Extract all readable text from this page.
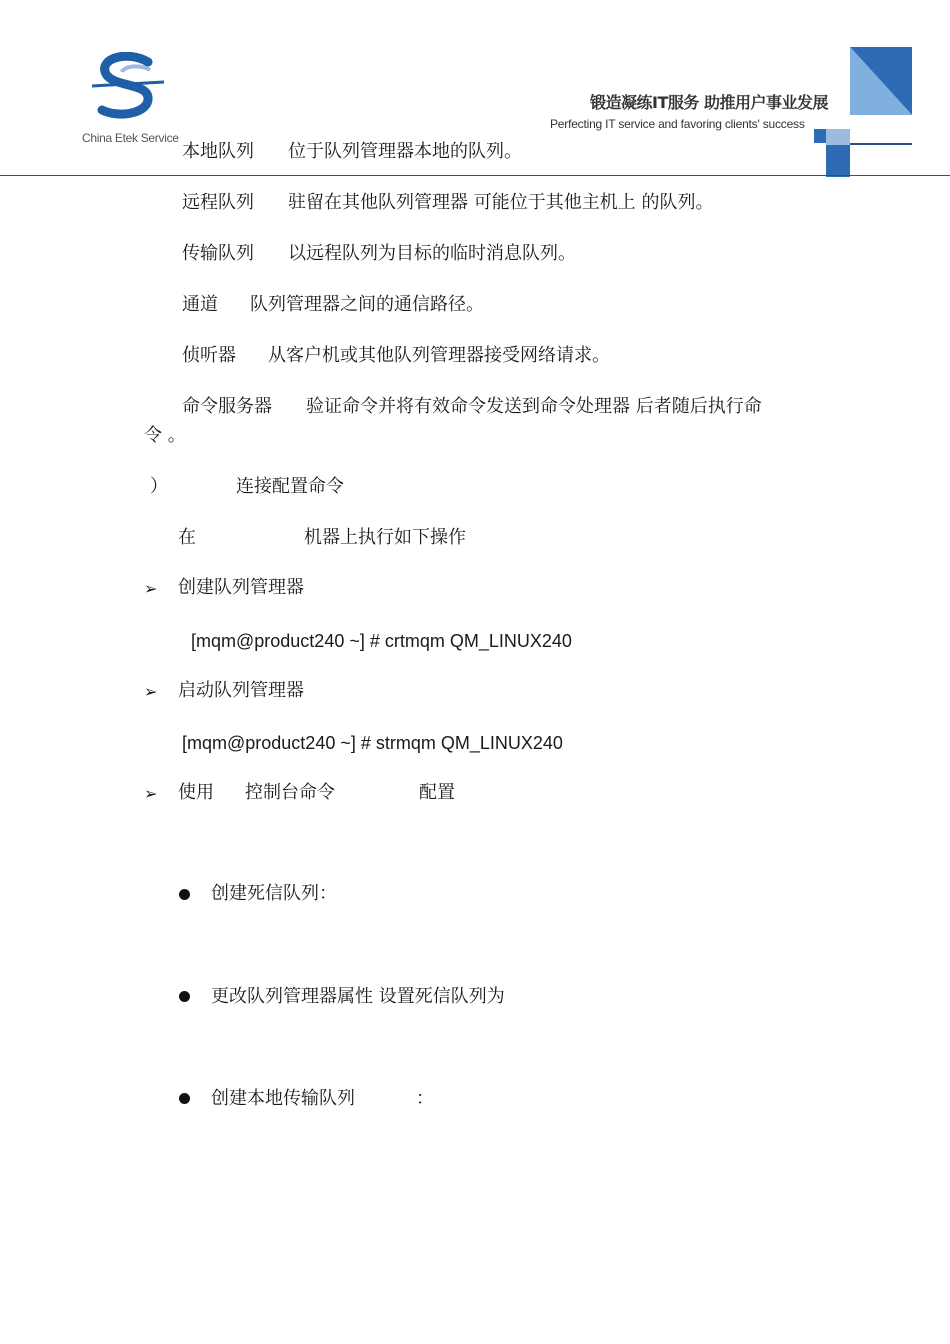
China Etek Service
锻造凝练IT服务 助推用户事业发展
Perfecting IT service and favoring clients' success
本地队列 位于队列管理器本地的队列。
远程队列 驻留在其他队列管理器 可能位于其他主机上 的队列。
传输队列 以远程队列为目标的临时消息队列。
通道 队列管理器之间的通信路径。
侦听器 从客户机或其他队列管理器接受网络请求。
命令服务器 验证命令并将有效命令发送到命令处理器 后者随后执行命
令 。
）	连接配置命令
在	机器上执行如下操作
➢ 创建队列管理器
[mqm@product240 ~] # crtmqm QM_LINUX240
➢ 启动队列管理器
[mqm@product240 ~] # strmqm QM_LINUX240
➢ 使用 控制台命令	配置
创建死信队列：
更改队列管理器属性 设置死信队列为
创建本地传输队列	：
